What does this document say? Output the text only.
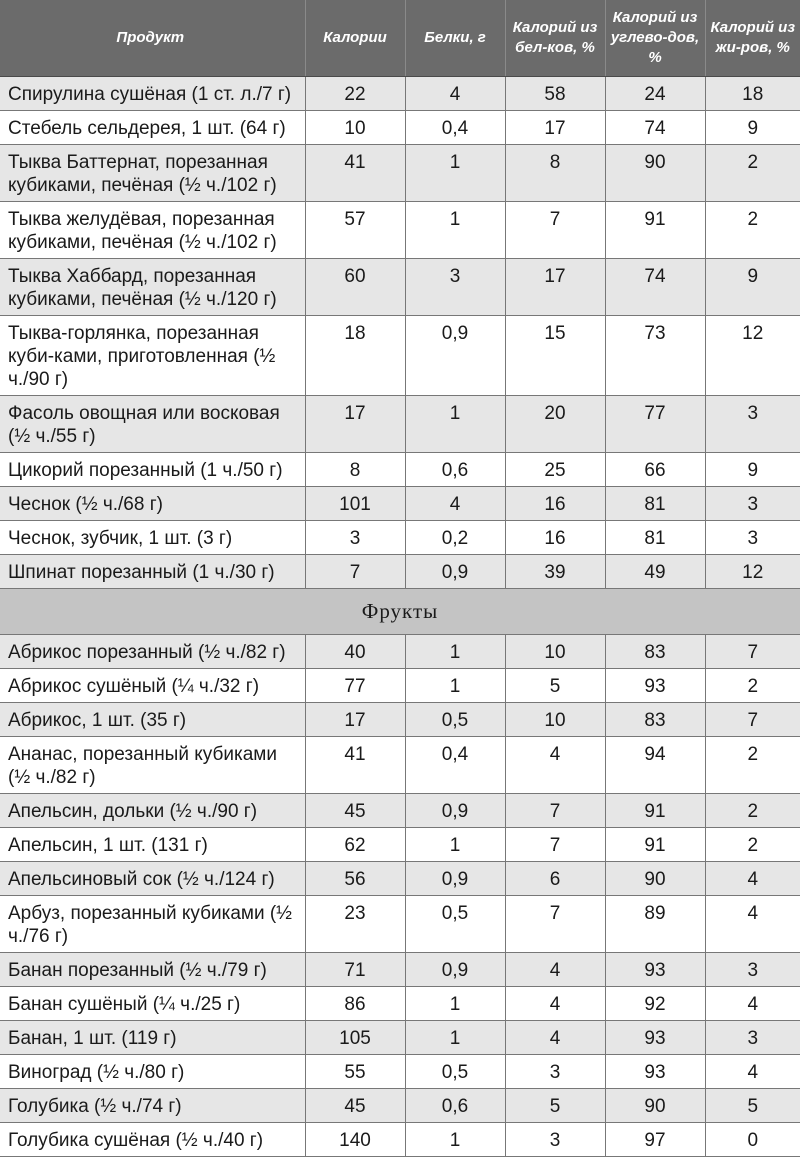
Продукт	Калории	Белки, г	Калорий из бел-ков, %	Калорий из углево-дов, %	Калорий из жи-ров, %
Спирулина сушёная (1 ст. л./7 г)	22	4	58	24	18
Стебель сельдерея, 1 шт. (64 г)	10	0,4	17	74	9
Тыква Баттернат, порезанная кубиками, печёная (½ ч./102 г)	41	1	8	90	2
Тыква желудёвая, порезанная кубиками, печёная (½ ч./102 г)	57	1	7	91	2
Тыква Хаббард, порезанная кубиками, печёная (½ ч./120 г)	60	3	17	74	9
Тыква-горлянка, порезанная куби-ками, приготовленная (½ ч./90 г)	18	0,9	15	73	12
Фасоль овощная или восковая (½ ч./55 г)	17	1	20	77	3
Цикорий порезанный (1 ч./50 г)	8	0,6	25	66	9
Чеснок (½ ч./68 г)	101	4	16	81	3
Чеснок, зубчик, 1 шт. (3 г)	3	0,2	16	81	3
Шпинат порезанный (1 ч./30 г)	7	0,9	39	49	12
Фрукты					
Абрикос порезанный (½ ч./82 г)	40	1	10	83	7
Абрикос сушёный (¼ ч./32 г)	77	1	5	93	2
Абрикос, 1 шт. (35 г)	17	0,5	10	83	7
Ананас, порезанный кубиками (½ ч./82 г)	41	0,4	4	94	2
Апельсин, дольки (½ ч./90 г)	45	0,9	7	91	2
Апельсин, 1 шт. (131 г)	62	1	7	91	2
Апельсиновый сок (½ ч./124 г)	56	0,9	6	90	4
Арбуз, порезанный кубиками (½ ч./76 г)	23	0,5	7	89	4
Банан порезанный (½ ч./79 г)	71	0,9	4	93	3
Банан сушёный (¼ ч./25 г)	86	1	4	92	4
Банан, 1 шт. (119 г)	105	1	4	93	3
Виноград (½ ч./80 г)	55	0,5	3	93	4
Голубика (½ ч./74 г)	45	0,6	5	90	5
Голубика сушёная (½ ч./40 г)	140	1	3	97	0
